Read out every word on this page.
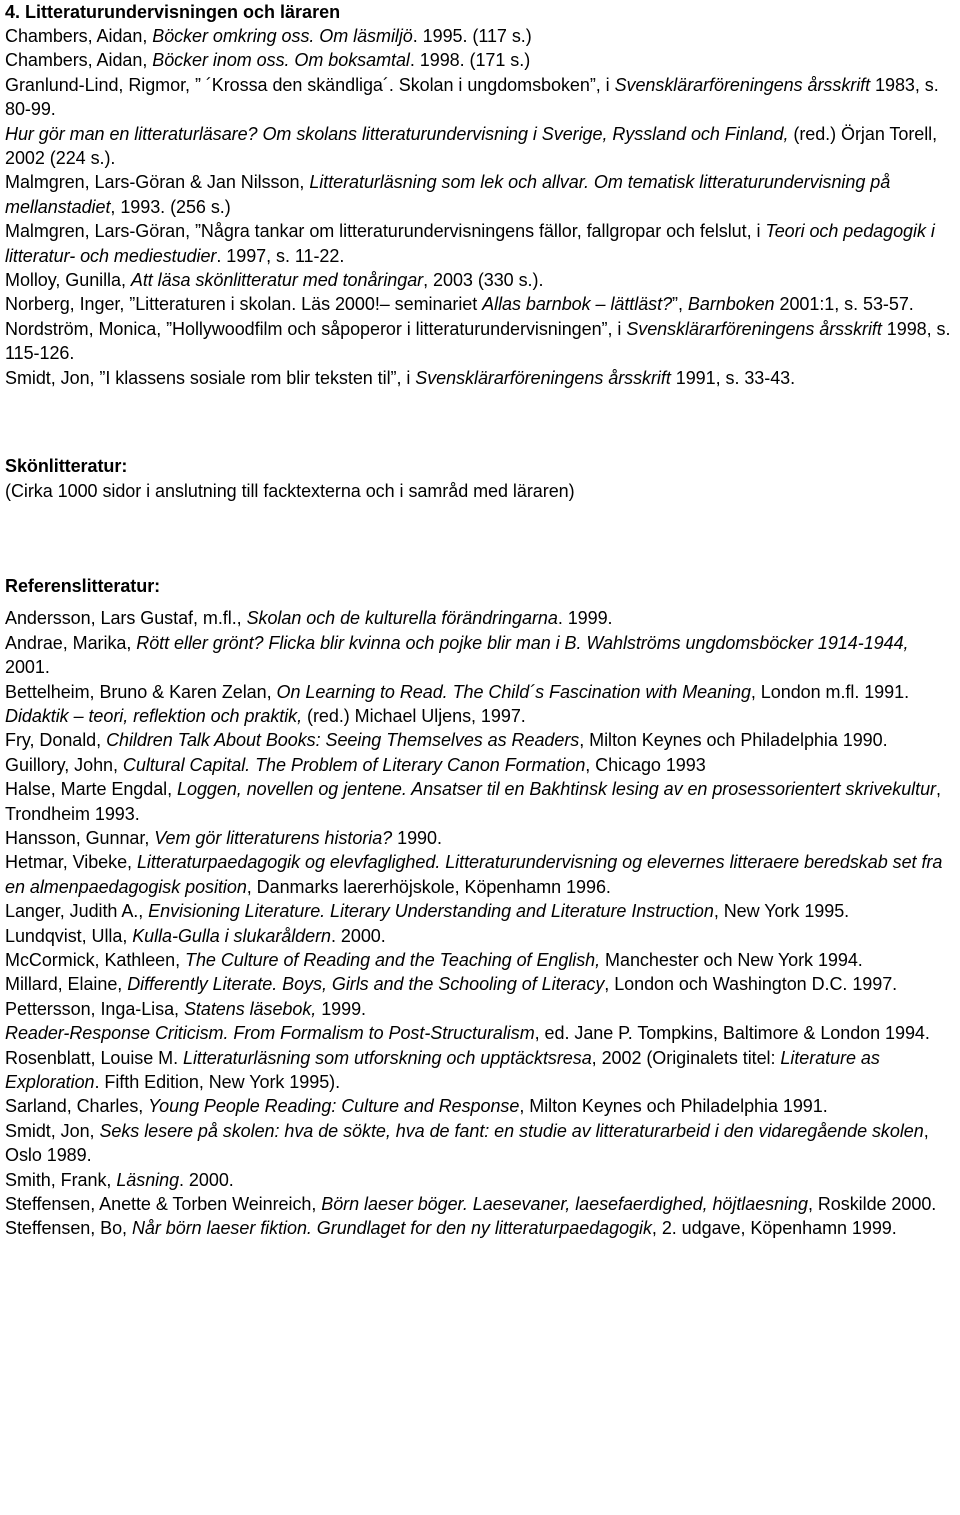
4. Litteraturundervisningen och läraren

Chambers, Aidan, Böcker omkring oss. Om läsmiljö. 1995. (117 s.)

Chambers, Aidan, Böcker inom oss. Om boksamtal. 1998. (171 s.)

Granlund-Lind, Rigmor, ” ´Krossa den skändliga´. Skolan i ungdomsboken”, i Svensklärarföreningens årsskrift 1983, s. 80-99.

Hur gör man en litteraturläsare? Om skolans litteraturundervisning i Sverige, Ryssland och Finland, (red.) Örjan Torell, 2002 (224 s.).

Malmgren, Lars-Göran & Jan Nilsson, Litteraturläsning som lek och allvar. Om tematisk litteraturundervisning på mellanstadiet, 1993. (256 s.)

Malmgren, Lars-Göran, ”Några tankar om litteraturundervisningens fällor, fallgropar och felslut, i Teori och pedagogik i litteratur- och mediestudier. 1997, s. 11-22.

Molloy, Gunilla, Att läsa skönlitteratur med tonåringar, 2003 (330 s.).

Norberg, Inger, ”Litteraturen i skolan. Läs 2000!– seminariet Allas barnbok – lättläst?”, Barnboken 2001:1, s. 53-57.

Nordström, Monica, ”Hollywoodfilm och såpoperor i litteraturundervisningen”, i Svensklärarföreningens årsskrift 1998, s. 115-126.

Smidt, Jon, ”I klassens sosiale rom blir teksten til”, i Svensklärarföreningens årsskrift 1991, s. 33-43.

Skönlitteratur:

(Cirka 1000 sidor i anslutning till facktexterna och i samråd med läraren)

Referenslitteratur:

Andersson, Lars Gustaf, m.fl., Skolan och de kulturella förändringarna. 1999.

Andrae, Marika, Rött eller grönt? Flicka blir kvinna och pojke blir man i B. Wahlströms ungdomsböcker 1914-1944, 2001.

Bettelheim, Bruno & Karen Zelan, On Learning to Read. The Child´s Fascination with Meaning, London m.fl. 1991.

Didaktik – teori, reflektion och praktik, (red.) Michael Uljens, 1997.

Fry, Donald, Children Talk About Books: Seeing Themselves as Readers, Milton Keynes och Philadelphia 1990.

Guillory, John, Cultural Capital. The Problem of Literary Canon Formation, Chicago 1993

Halse, Marte Engdal, Loggen, novellen og jentene. Ansatser til en Bakhtinsk lesing av en prosessorientert skrivekultur, Trondheim 1993.

Hansson, Gunnar, Vem gör litteraturens historia? 1990.

Hetmar, Vibeke, Litteraturpaedagogik og elevfaglighed. Litteraturundervisning og elevernes litteraere beredskab set fra en almenpaedagogisk position, Danmarks laererhöjskole, Köpenhamn 1996.

Langer, Judith A., Envisioning Literature. Literary Understanding and Literature Instruction, New York 1995.

Lundqvist, Ulla, Kulla-Gulla i slukaråldern. 2000.

McCormick, Kathleen, The Culture of Reading and the Teaching of English, Manchester och New York 1994.

Millard, Elaine, Differently Literate. Boys, Girls and the Schooling of Literacy, London och Washington D.C. 1997.

Pettersson, Inga-Lisa, Statens läsebok, 1999.

Reader-Response Criticism. From Formalism to Post-Structuralism, ed. Jane P. Tompkins, Baltimore & London 1994.

Rosenblatt, Louise M. Litteraturläsning som utforskning och upptäcktsresa, 2002 (Originalets titel: Literature as Exploration. Fifth Edition, New York 1995).

Sarland, Charles, Young People Reading: Culture and Response, Milton Keynes och Philadelphia 1991.

Smidt, Jon, Seks lesere på skolen: hva de sökte, hva de fant: en studie av litteraturarbeid i den vidaregående skolen, Oslo 1989.

Smith, Frank, Läsning. 2000.

Steffensen, Anette & Torben Weinreich, Börn laeser böger. Laesevaner, laesefaerdighed, höjtlaesning, Roskilde 2000.

Steffensen, Bo, Når börn laeser fiktion. Grundlaget for den ny litteraturpaedagogik, 2. udgave, Köpenhamn 1999.
